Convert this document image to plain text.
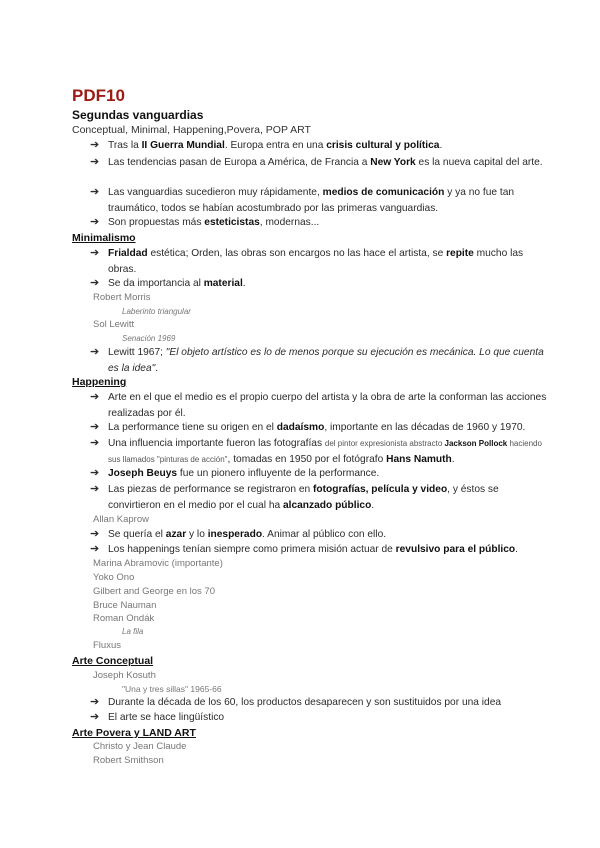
PDF10
Segundas vanguardias
Conceptual, Minimal, Happening,Povera, POP ART
➔ Tras la II Guerra Mundial. Europa entra en una crisis cultural y política.
➔ Las tendencias pasan de Europa a América, de Francia a New York es la nueva capital del arte.
➔ Las vanguardias sucedieron muy rápidamente, medios de comunicación y ya no fue tan traumático, todos se habían acostumbrado por las primeras vanguardias.
➔ Son propuestas más esteticistas, modernas...
Minimalismo
➔ Frialdad estética; Orden, las obras son encargos no las hace el artista, se repite mucho las obras.
➔ Se da importancia al material.
Robert Morris
Laberinto triangular
Sol Lewitt
Senación 1969
➔ Lewitt 1967; "El objeto artístico es lo de menos porque su ejecución es mecánica. Lo que cuenta es la idea".
Happening
➔ Arte en el que el medio es el propio cuerpo del artista y la obra de arte la conforman las acciones realizadas por él.
➔ La performance tiene su origen en el dadaísmo, importante en las décadas de 1960 y 1970.
➔ Una influencia importante fueron las fotografías del pintor expresionista abstracto Jackson Pollock haciendo sus llamados "pinturas de acción", tomadas en 1950 por el fotógrafo Hans Namuth.
➔ Joseph Beuys fue un pionero influyente de la performance.
➔ Las piezas de performance se registraron en fotografías, película y video, y éstos se convirtieron en el medio por el cual ha alcanzado público.
Allan Kaprow
➔ Se quería el azar y lo inesperado. Animar al público con ello.
➔ Los happenings tenían siempre como primera misión actuar de revulsivo para el público.
Marina Abramovic (importante)
Yoko Ono
Gilbert and George en los 70
Bruce Nauman
Roman Ondák
La fila
Fluxus
Arte Conceptual
Joseph Kosuth
"Una y tres sillas" 1965-66
➔ Durante la década de los 60, los productos desaparecen y son sustituidos por una idea
➔ El arte se hace lingüístico
Arte Povera y LAND ART
Christo y Jean Claude
Robert Smithson
